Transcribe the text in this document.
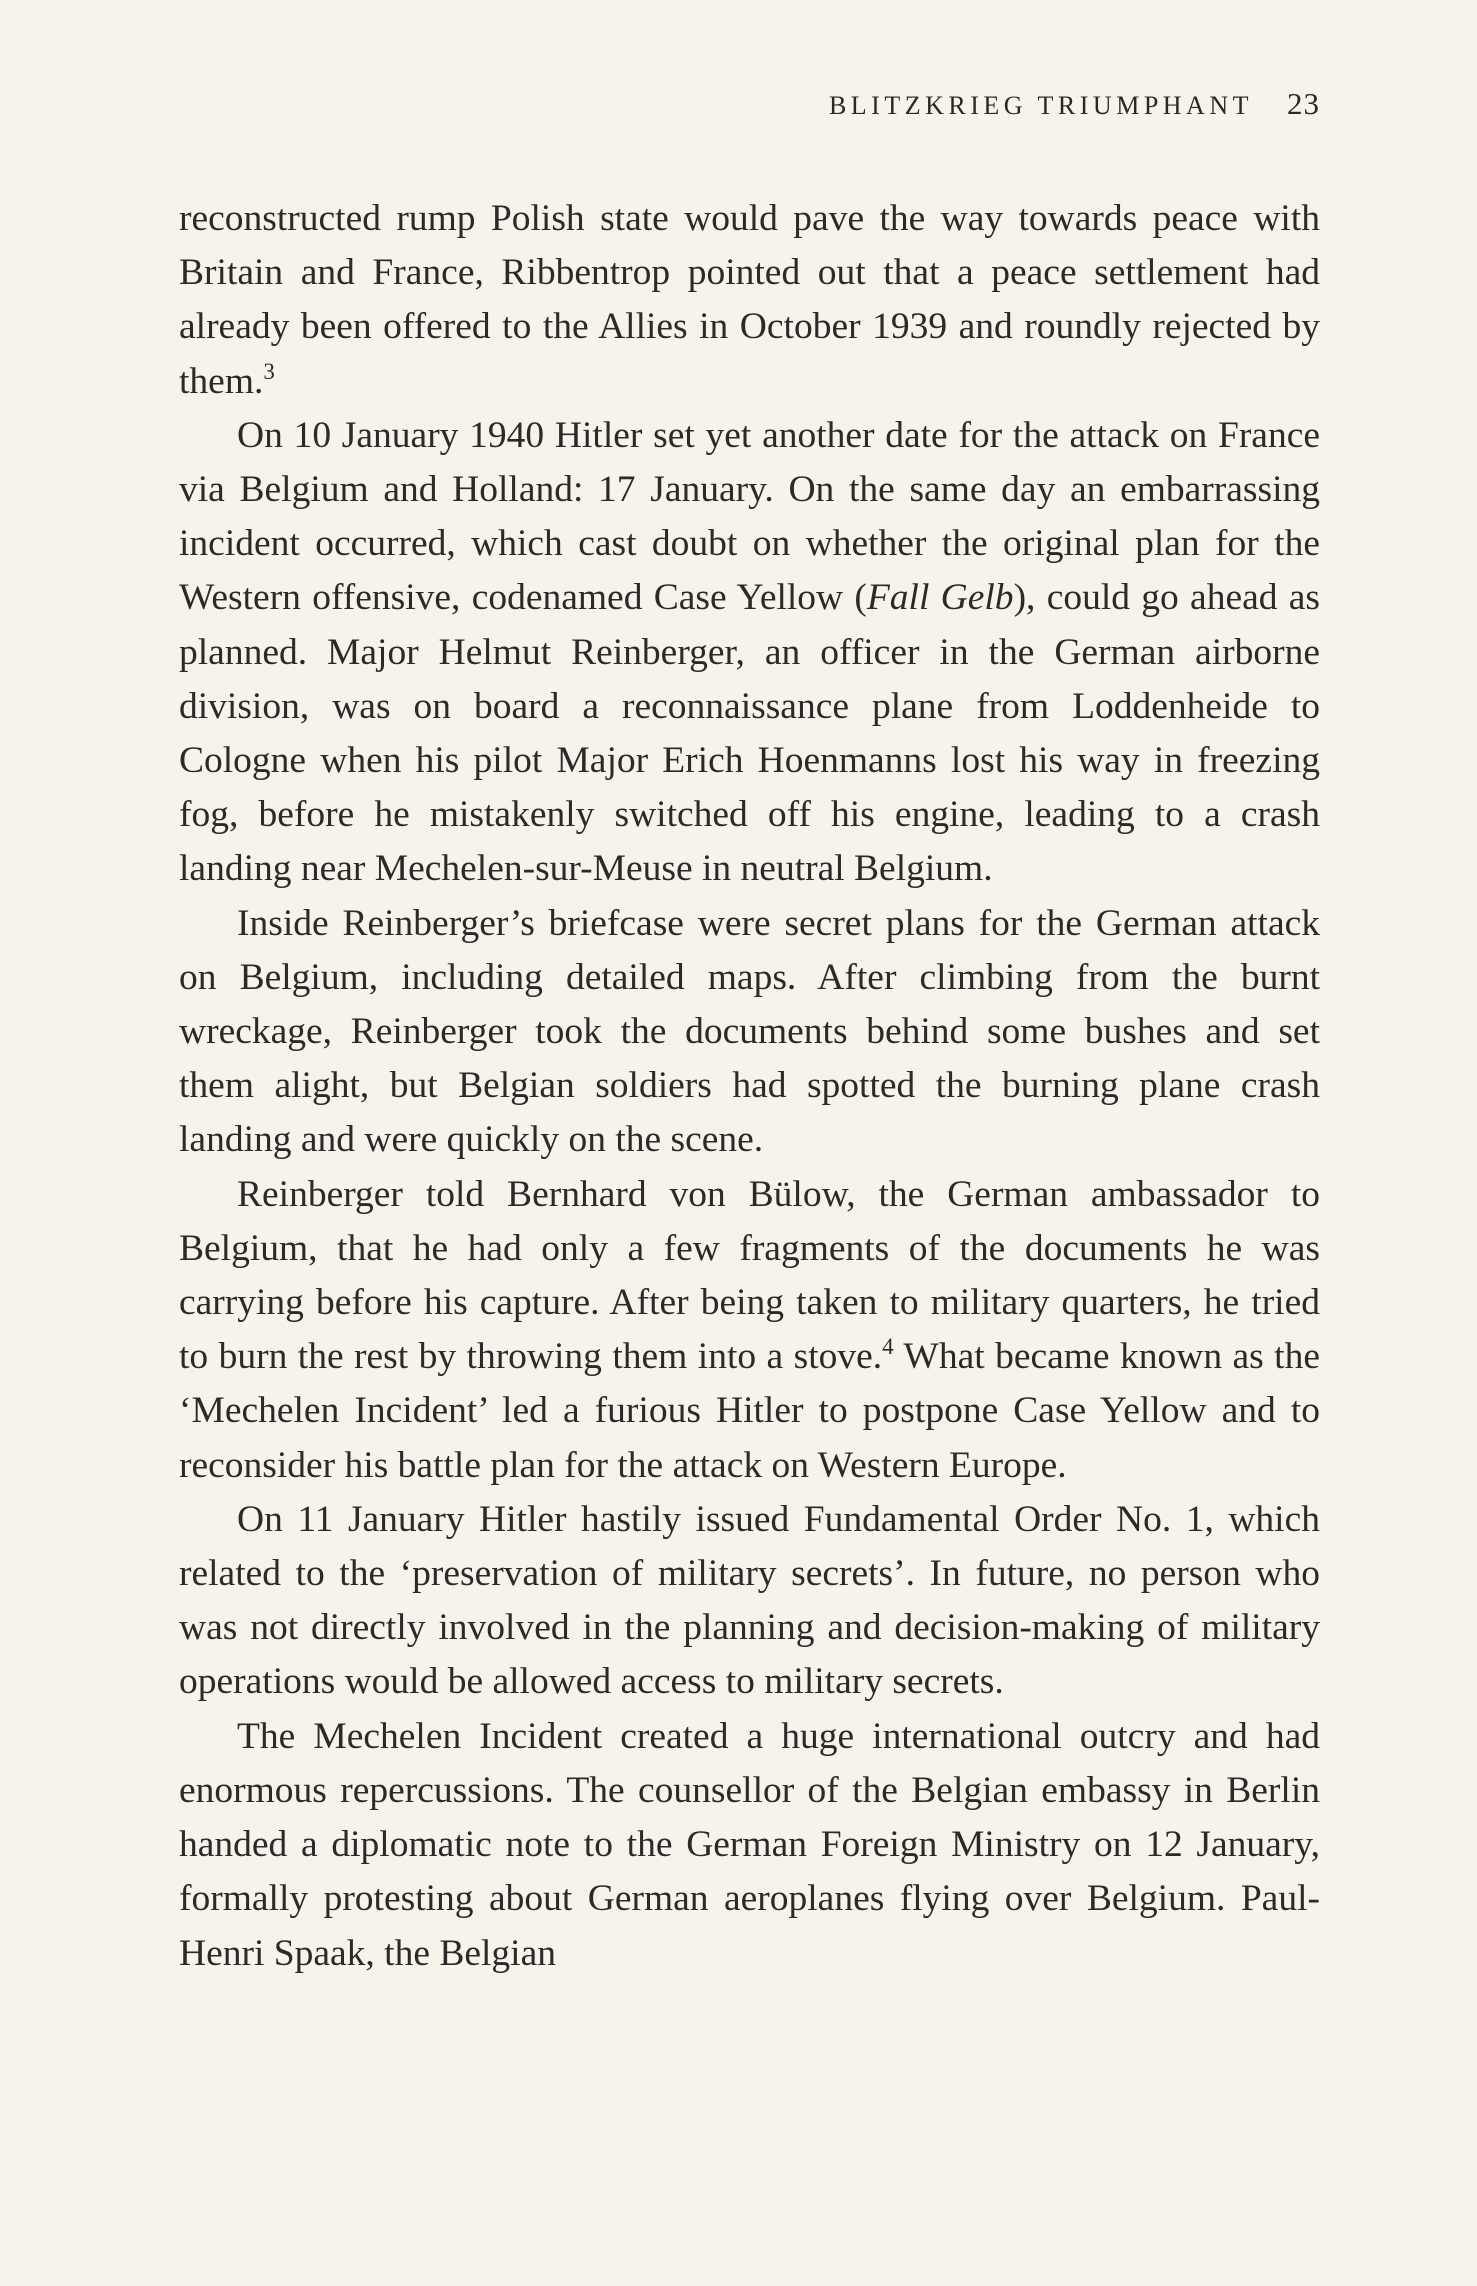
BLITZKRIEG TRIUMPHANT 23

reconstructed rump Polish state would pave the way towards peace with Britain and France, Ribbentrop pointed out that a peace settlement had already been offered to the Allies in October 1939 and roundly rejected by them.$^3$

On 10 January 1940 Hitler set yet another date for the attack on France via Belgium and Holland: 17 January. On the same day an embarrassing incident occurred, which cast doubt on whether the original plan for the Western offensive, codenamed Case Yellow (Fall Gelb), could go ahead as planned. Major Helmut Reinberger, an officer in the German airborne division, was on board a reconnaissance plane from Loddenheide to Cologne when his pilot Major Erich Hoenmanns lost his way in freezing fog, before he mistakenly switched off his engine, leading to a crash landing near Mechelen-sur-Meuse in neutral Belgium.

Inside Reinberger’s briefcase were secret plans for the German attack on Belgium, including detailed maps. After climbing from the burnt wreckage, Reinberger took the documents behind some bushes and set them alight, but Belgian soldiers had spotted the burning plane crash landing and were quickly on the scene.

Reinberger told Bernhard von Bülow, the German ambassador to Belgium, that he had only a few fragments of the documents he was carrying before his capture. After being taken to military quarters, he tried to burn the rest by throwing them into a stove.$^4$ What became known as the ‘Mechelen Incident’ led a furious Hitler to postpone Case Yellow and to reconsider his battle plan for the attack on Western Europe.

On 11 January Hitler hastily issued Fundamental Order No. 1, which related to the ‘preservation of military secrets’. In future, no person who was not directly involved in the planning and decision-making of military operations would be allowed access to military secrets.

The Mechelen Incident created a huge international outcry and had enormous repercussions. The counsellor of the Belgian embassy in Berlin handed a diplomatic note to the German Foreign Ministry on 12 January, formally protesting about German aeroplanes flying over Belgium. Paul-Henri Spaak, the Belgian
